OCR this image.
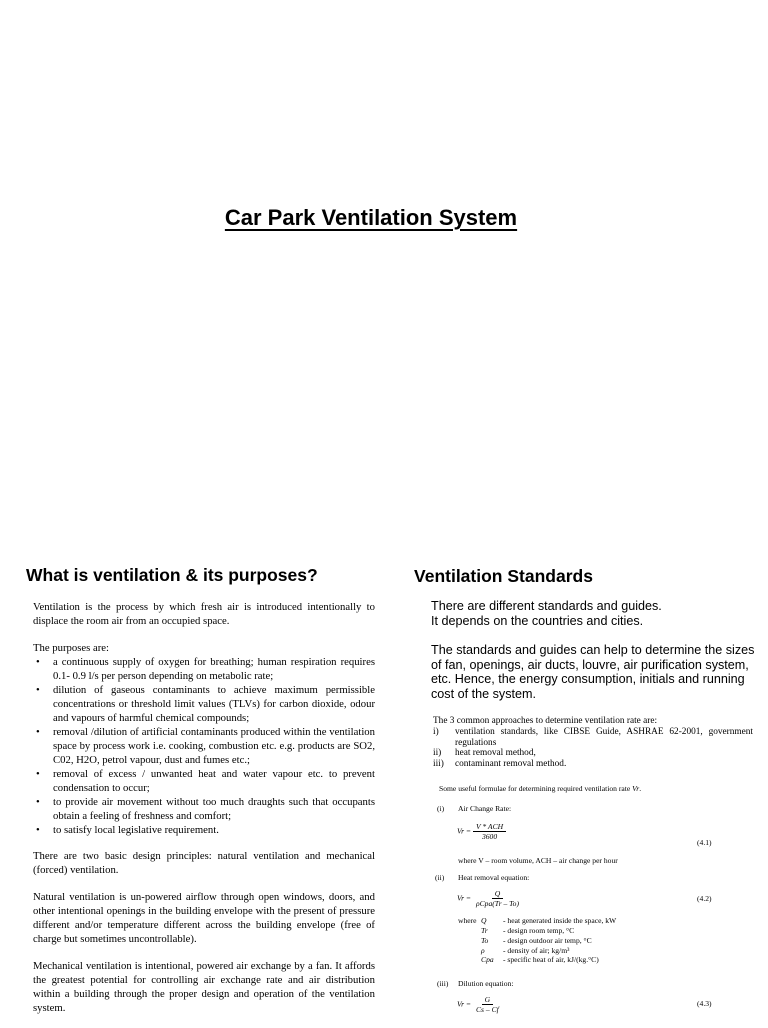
Car Park Ventilation System
What is ventilation & its purposes?

Ventilation is the process by which fresh air is introduced intentionally to displace the room air from an occupied space.

The purposes are:
• a continuous supply of oxygen for breathing; human respiration requires 0.1- 0.9 l/s per person depending on metabolic rate;
• dilution of gaseous contaminants to achieve maximum permissible concentrations or threshold limit values (TLVs) for carbon dioxide, odour and vapours of harmful chemical compounds;
• removal /dilution of artificial contaminants produced within the ventilation space by process work i.e. cooking, combustion etc. e.g. products are SO2, C02, H2O, petrol vapour, dust and fumes etc.;
• removal of excess / unwanted heat and water vapour etc. to prevent condensation to occur;
• to provide air movement without too much draughts such that occupants obtain a feeling of freshness and comfort;
• to satisfy local legislative requirement.

There are two basic design principles: natural ventilation and mechanical (forced) ventilation.

Natural ventilation is un-powered airflow through open windows, doors, and other intentional openings in the building envelope with the present of pressure different and/or temperature different across the building envelope (free of charge but sometimes uncontrollable).

Mechanical ventilation is intentional, powered air exchange by a fan. It affords the greatest potential for controlling air exchange rate and air distribution within a building through the proper design and operation of the ventilation system.

Ventilation Standards
There are different standards and guides.
It depends on the countries and cities.
The standards and guides can help to determine the sizes of fan, openings, air ducts, louvre, air purification system, etc. Hence, the energy consumption, initials and running cost of the system.
The 3 common approaches to determine ventilation rate are:
i)	ventilation standards, like CIBSE Guide, ASHRAE 62-2001, government regulations
ii)	heat removal method,
iii)	contaminant removal method.
Some useful formulae for determining required ventilation rate Vr.
(i) Air Change Rate:
$Vr = \frac{\text{V * ACH}}{3600}$
(4.1)
where V – room volume, ACH – air change per hour
(ii) Heat removal equation:
$Vr = \frac{Q}{\text{ρCpa(Tr – To)}}$	(4.2)
where Q	- heat generated inside the space, kW
Tr	- design room temp, °C
To	- design outdoor air temp, °C
ρ	- density of air; kg/m³
Cpa	- specific heat of air, kJ/(kg.°C)
(iii) Dilution equation:
$Vr = \frac{G}{Cs - Cf}$	(4.3)
